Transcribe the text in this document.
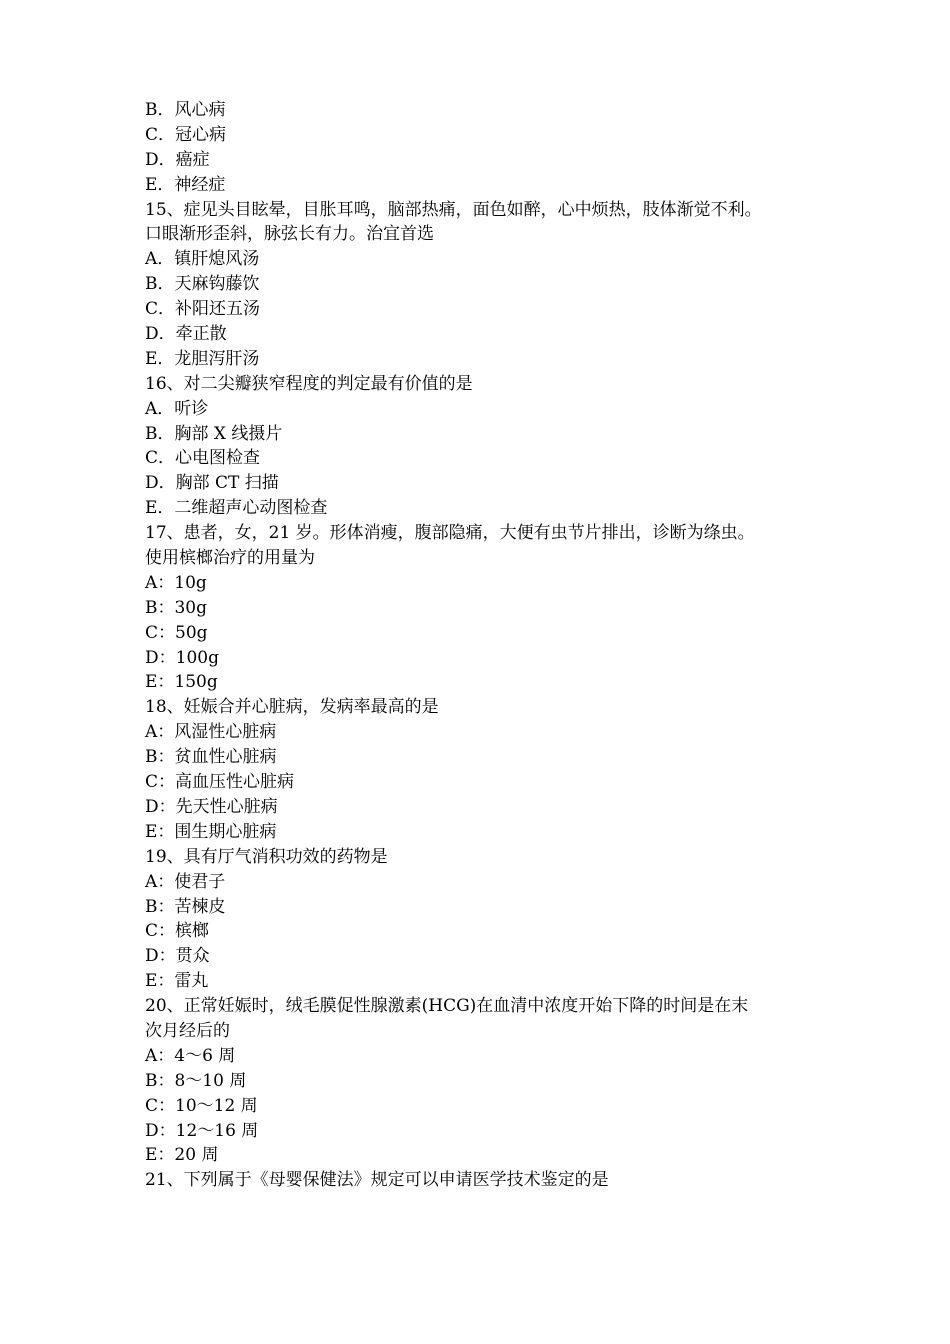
B．风心病
C．冠心病
D．癌症
E．神经症
15、症见头目眩晕，目胀耳鸣，脑部热痛，面色如醉，心中烦热，肢体渐觉不利。
口眼渐形歪斜，脉弦长有力。治宜首选
A．镇肝熄风汤
B．天麻钩藤饮
C．补阳还五汤
D．牵正散
E．龙胆泻肝汤
16、对二尖瓣狭窄程度的判定最有价值的是
A．听诊
B．胸部 X 线摄片
C．心电图检查
D．胸部 CT 扫描
E．二维超声心动图检查
17、患者，女，21 岁。形体消瘦，腹部隐痛，大便有虫节片排出，诊断为绦虫。
使用槟榔治疗的用量为
A：10g
B：30g
C：50g
D：100g
E：150g
18、妊娠合并心脏病，发病率最高的是
A：风湿性心脏病
B：贫血性心脏病
C：高血压性心脏病
D：先天性心脏病
E：围生期心脏病
19、具有厅气消积功效的药物是
A：使君子
B：苦楝皮
C：槟榔
D：贯众
E：雷丸
20、正常妊娠时，绒毛膜促性腺激素(HCG)在血清中浓度开始下降的时间是在末
次月经后的
A：4～6 周
B：8～10 周
C：10～12 周
D：12～16 周
E：20 周
21、下列属于《母婴保健法》规定可以申请医学技术鉴定的是
